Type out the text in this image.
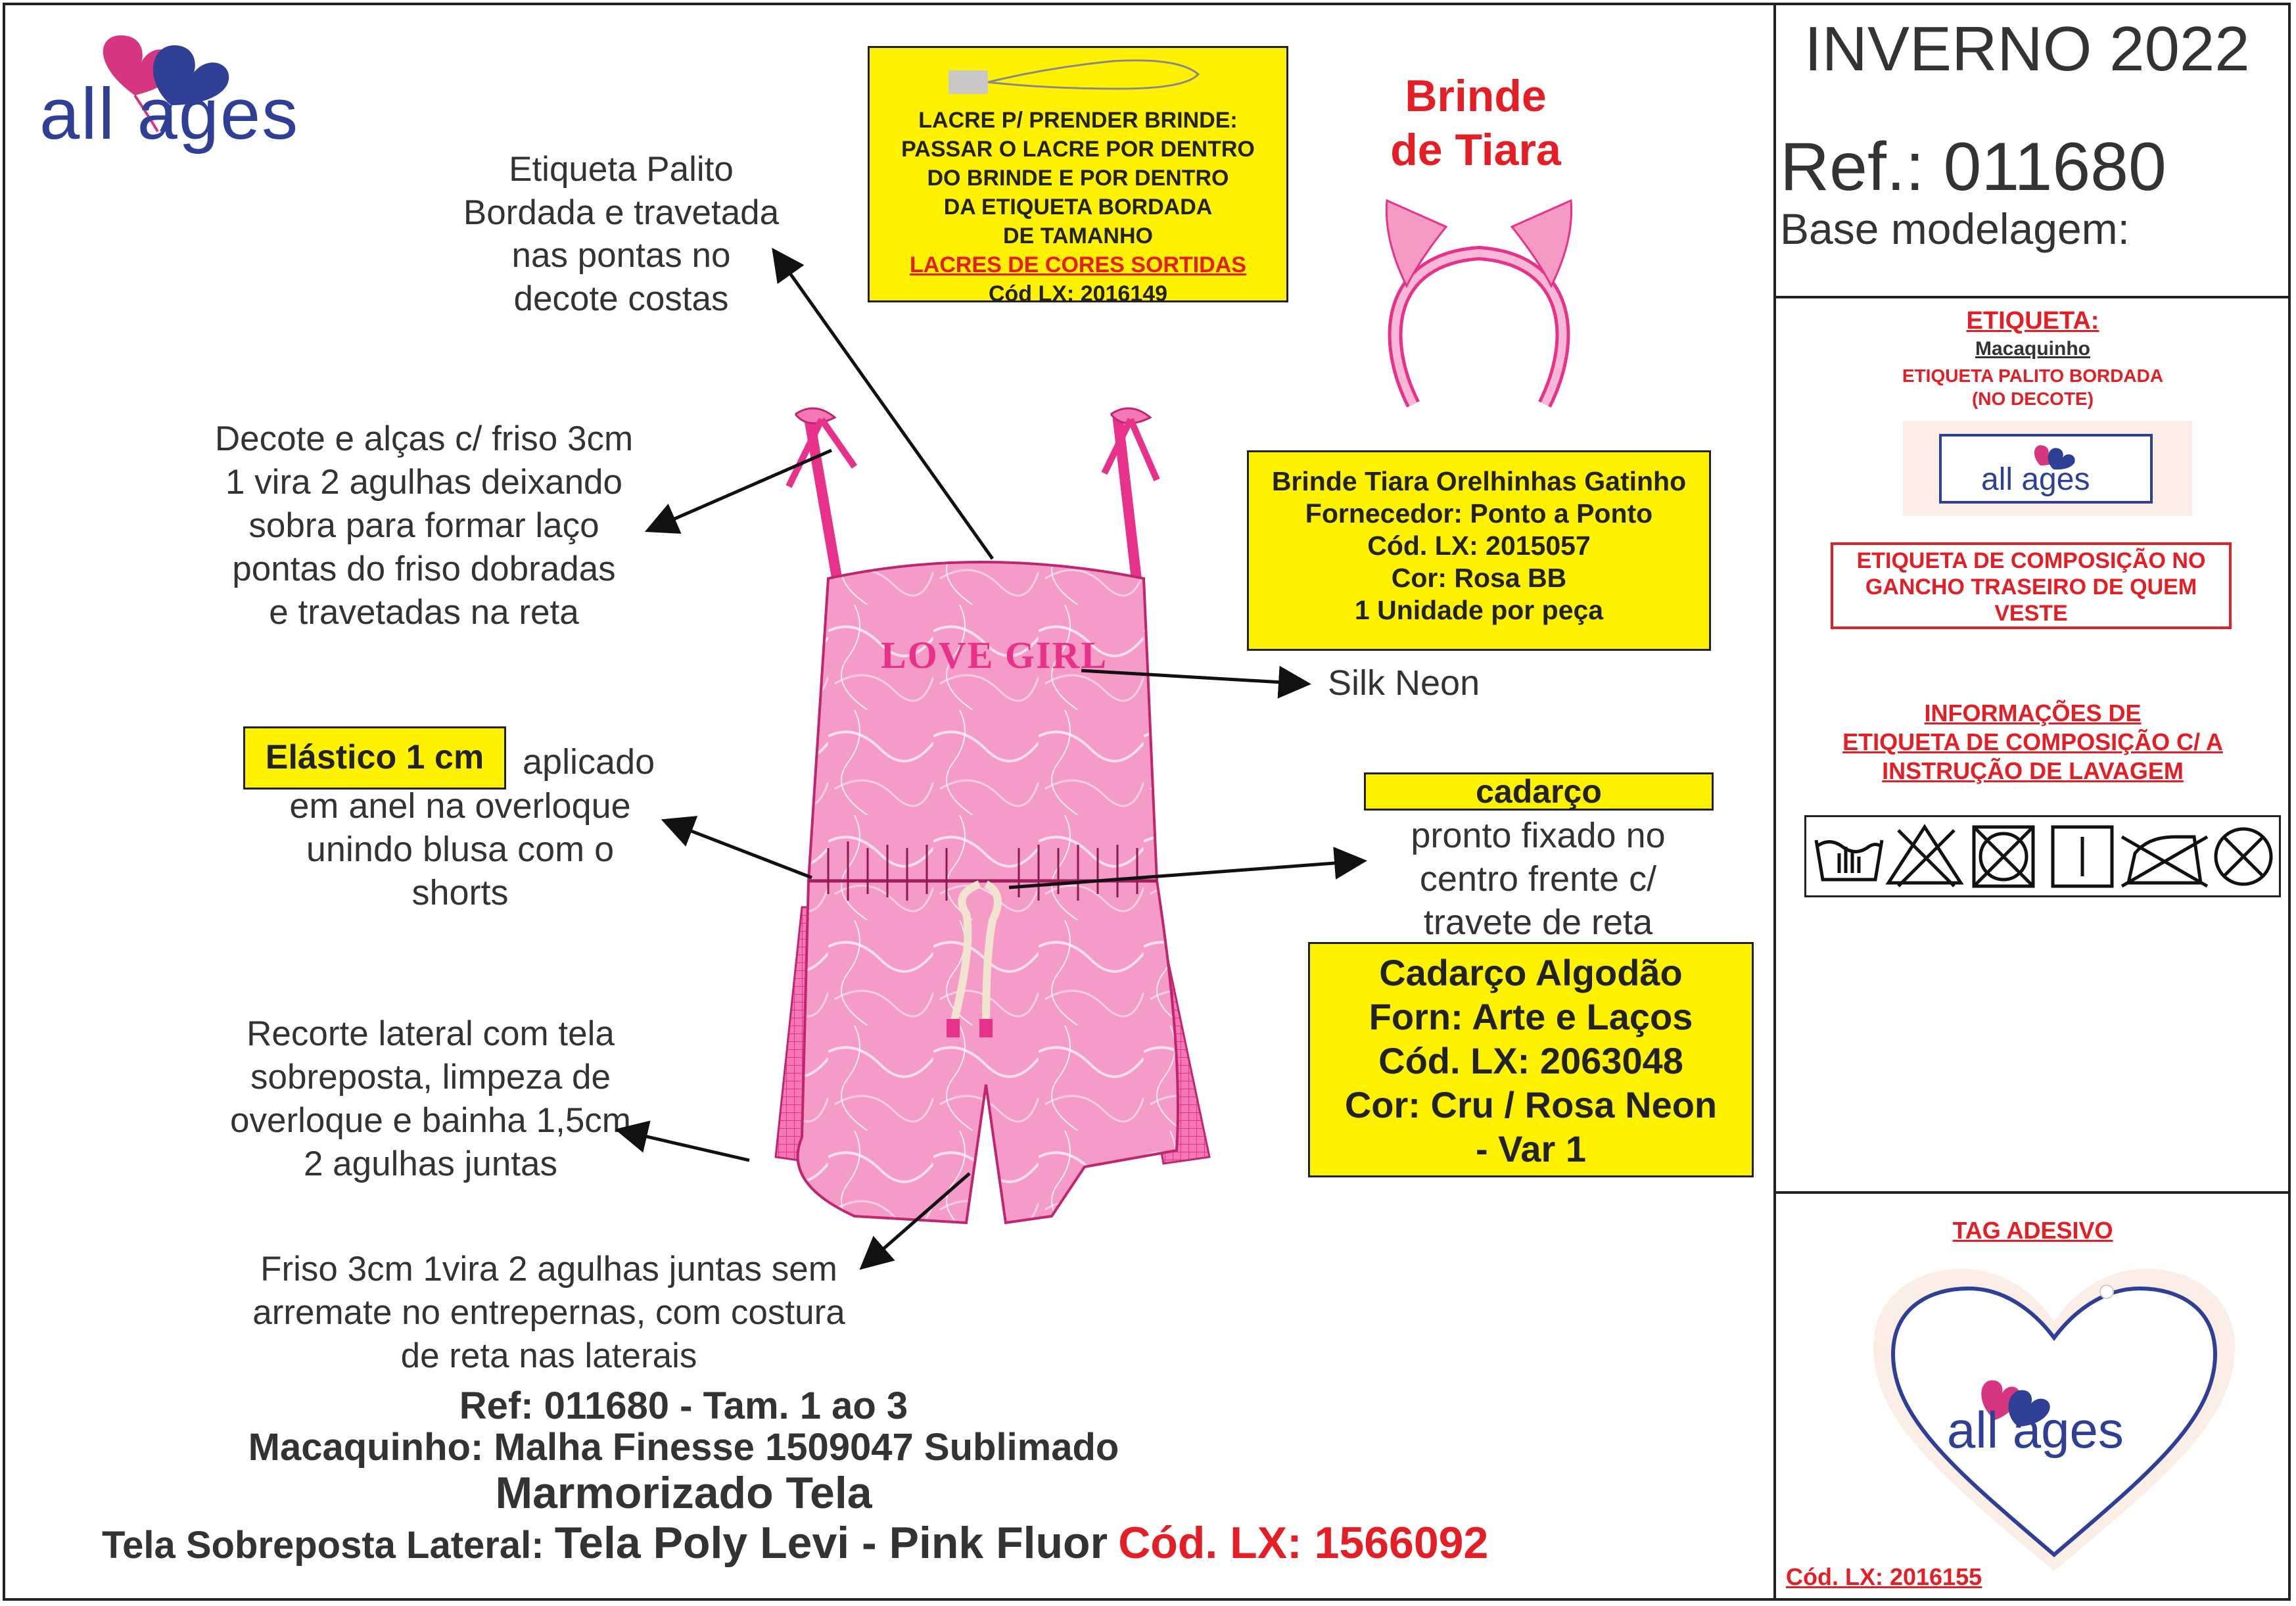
all ages
INVERNO 2022
Ref.: 011680
Base modelagem:
LACRE P/ PRENDER BRINDE:
PASSAR O LACRE POR DENTRO
DO BRINDE E POR DENTRO
DA ETIQUETA BORDADA
DE TAMANHO
LACRES DE CORES SORTIDAS
Cód LX: 2016149
Brinde
de Tiara
Brinde Tiara Orelhinhas Gatinho
Fornecedor: Ponto a Ponto
Cód. LX: 2015057
Cor: Rosa BB
1 Unidade por peça
Etiqueta Palito
Bordada e travetada
nas pontas no
decote costas
Decote e alças c/ friso 3cm
1 vira 2 agulhas deixando
sobra para formar laço
pontas do friso dobradas
e travetadas na reta
Silk Neon
Elástico 1 cm	aplicado
em anel na overloque
unindo blusa com o
shorts
cadarço
pronto fixado no
centro frente c/
travete de reta
Cadarço Algodão
Forn: Arte e Laços
Cód. LX: 2063048
Cor: Cru / Rosa Neon
- Var 1
Recorte lateral com tela
sobreposta, limpeza de
overloque e bainha 1,5cm
2 agulhas juntas
Friso 3cm 1vira 2 agulhas juntas sem
arremate no entrepernas, com costura
de reta nas laterais
LOVE GIRL
Ref: 011680 - Tam. 1 ao 3
Macaquinho: Malha Finesse 1509047 Sublimado
Marmorizado Tela
Tela Sobreposta Lateral: Tela Poly Levi - Pink Fluor Cód. LX: 1566092
ETIQUETA:
Macaquinho
ETIQUETA PALITO BORDADA
(NO DECOTE)
all ages
ETIQUETA DE COMPOSIÇÃO NO
GANCHO TRASEIRO DE QUEM
VESTE
INFORMAÇÕES DE
ETIQUETA DE COMPOSIÇÃO C/ A
INSTRUÇÃO DE LAVAGEM
TAG ADESIVO
all ages
Cód. LX: 2016155
